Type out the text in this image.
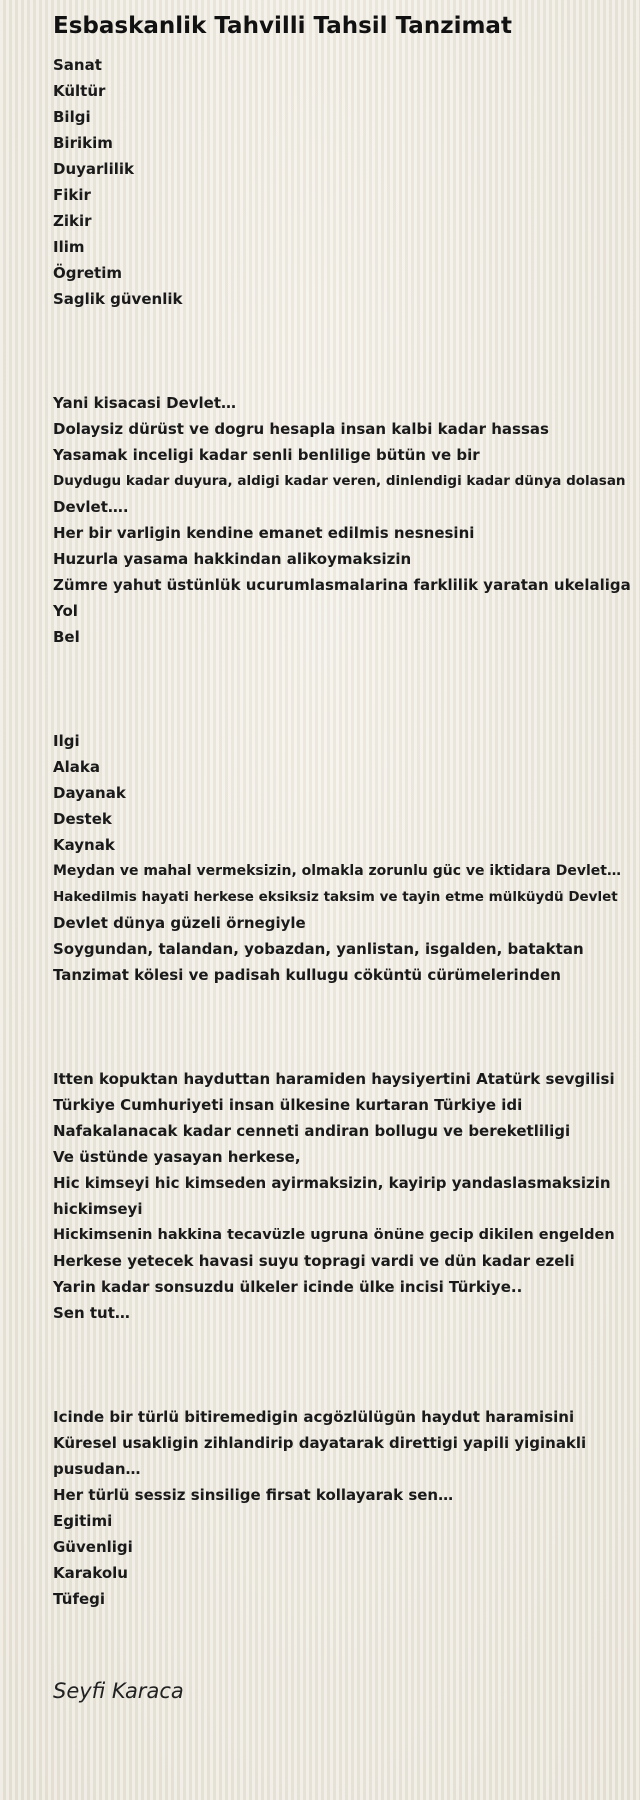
Esbaskanlik Tahvilli Tahsil Tanzimat
Sanat
Kültür
Bilgi
Birikim
Duyarlilik
Fikir
Zikir
Ilim
Ögretim
Saglik güvenlik
Yani kisacasi Devlet…
Dolaysiz dürüst ve dogru hesapla insan kalbi kadar hassas
Yasamak inceligi kadar senli benlilige bütün ve bir
Duydugu kadar duyura, aldigi kadar veren, dinlendigi kadar dünya dolasan
Devlet….
Her bir varligin kendine emanet edilmis nesnesini
Huzurla yasama hakkindan alikoymaksizin
Zümre yahut üstünlük ucurumlasmalarina farklilik yaratan ukelaliga
Yol
Bel
Ilgi
Alaka
Dayanak
Destek
Kaynak
Meydan ve mahal vermeksizin, olmakla zorunlu güc ve iktidara Devlet…
Hakedilmis hayati herkese eksiksiz taksim ve tayin etme mülküydü Devlet
Devlet dünya güzeli örnegiyle
Soygundan, talandan, yobazdan, yanlistan, isgalden, bataktan
Tanzimat kölesi ve padisah kullugu cöküntü cürümelerinden
Itten kopuktan hayduttan haramiden haysiyertini Atatürk sevgilisi
Türkiye Cumhuriyeti insan ülkesine kurtaran Türkiye idi
Nafakalanacak kadar cenneti andiran bollugu ve bereketliligi
Ve üstünde yasayan herkese,
Hic kimseyi hic kimseden ayirmaksizin, kayirip yandaslasmaksizin
hickimseyi
Hickimsenin hakkina tecavüzle ugruna önüne gecip dikilen engelden
Herkese yetecek havasi suyu topragi vardi ve dün kadar ezeli
Yarin kadar sonsuzdu ülkeler icinde ülke incisi Türkiye..
Sen tut…
Icinde bir türlü bitiremedigin acgözlülügün haydut haramisini
Küresel usakligin zihlandirip dayatarak direttigi yapili yiginakli
pusudan…
Her türlü sessiz sinsilige firsat kollayarak sen…
Egitimi
Güvenligi
Karakolu
Tüfegi
Seyfi Karaca
